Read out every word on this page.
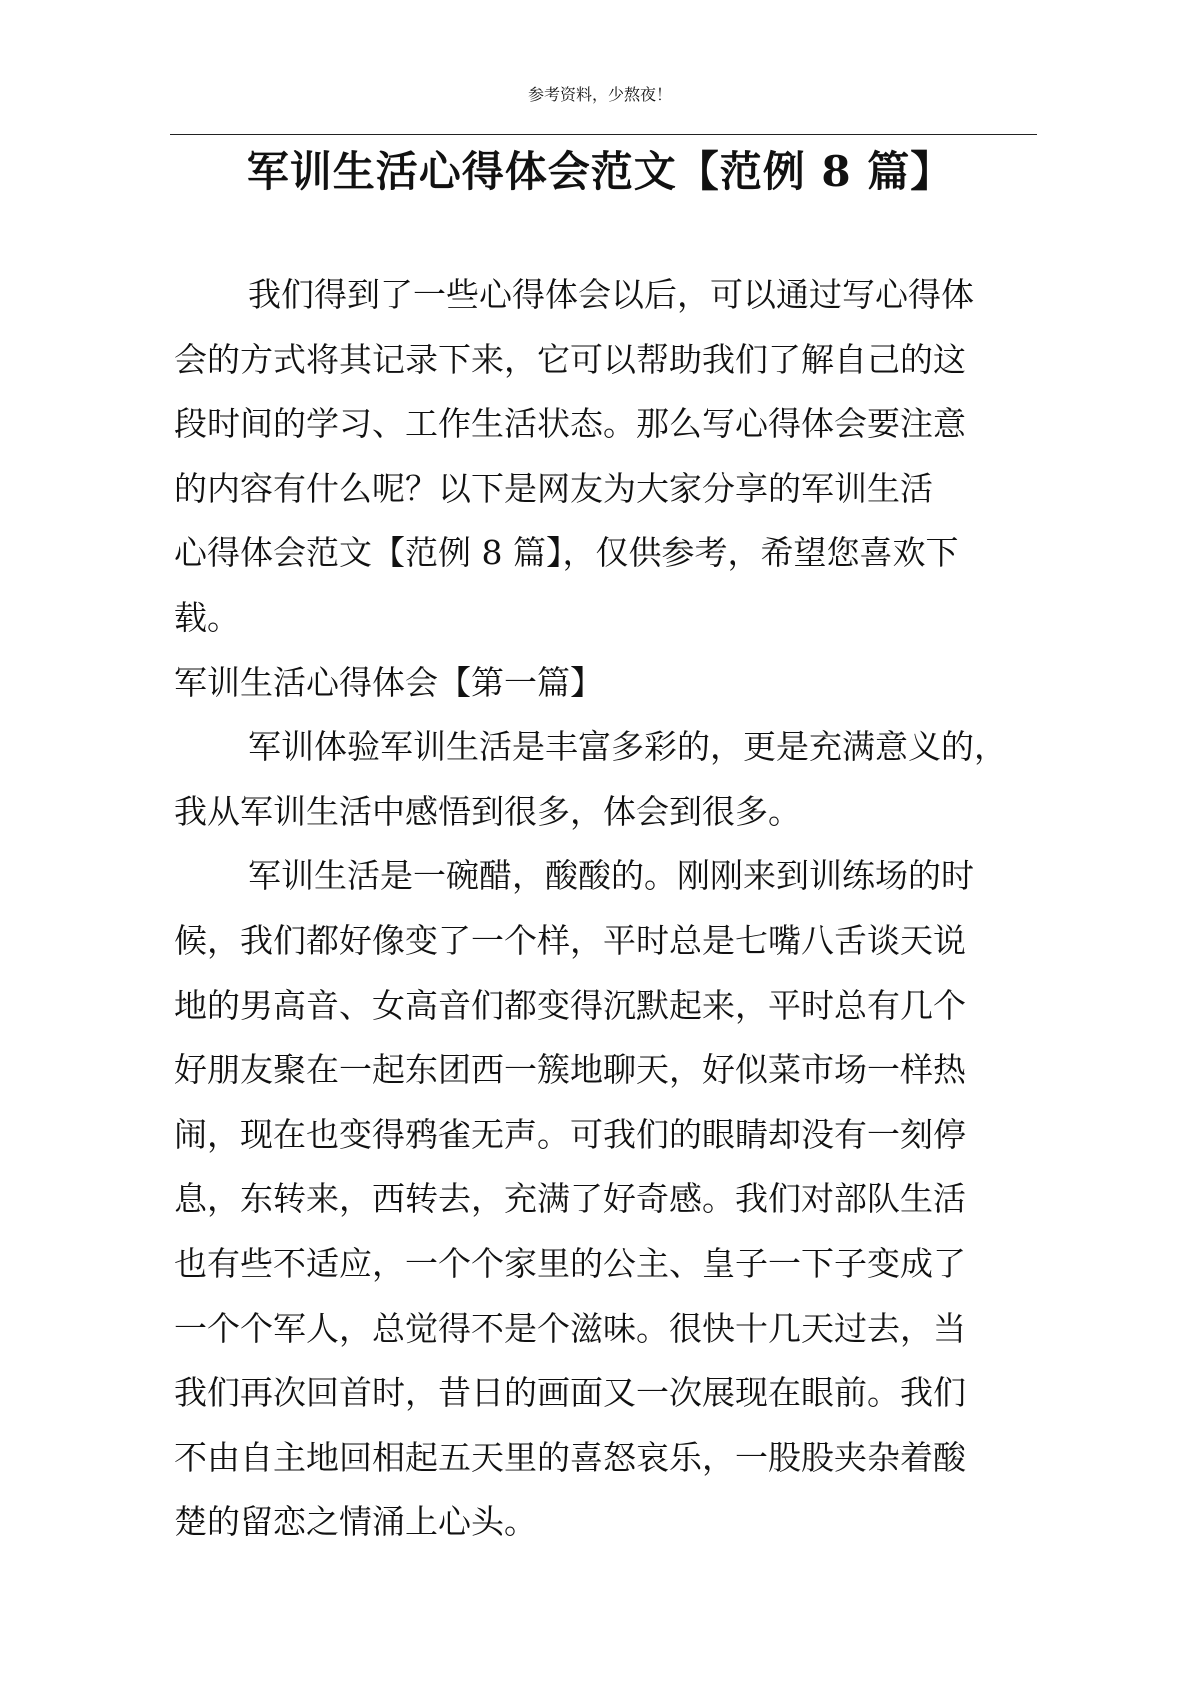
参考资料，少熬夜！
军训生活心得体会范文【范例 8 篇】
我们得到了一些心得体会以后，可以通过写心得体
会的方式将其记录下来，它可以帮助我们了解自己的这
段时间的学习、工作生活状态。那么写心得体会要注意
的内容有什么呢？以下是网友为大家分享的军训生活
心得体会范文【范例 8 篇】，仅供参考，希望您喜欢下
载。
军训生活心得体会【第一篇】
军训体验军训生活是丰富多彩的，更是充满意义的，
我从军训生活中感悟到很多，体会到很多。
军训生活是一碗醋，酸酸的。刚刚来到训练场的时
候，我们都好像变了一个样，平时总是七嘴八舌谈天说
地的男高音、女高音们都变得沉默起来，平时总有几个
好朋友聚在一起东团西一簇地聊天，好似菜市场一样热
闹，现在也变得鸦雀无声。可我们的眼睛却没有一刻停
息，东转来，西转去，充满了好奇感。我们对部队生活
也有些不适应，一个个家里的公主、皇子一下子变成了
一个个军人，总觉得不是个滋味。很快十几天过去，当
我们再次回首时，昔日的画面又一次展现在眼前。我们
不由自主地回相起五天里的喜怒哀乐，一股股夹杂着酸
楚的留恋之情涌上心头。
